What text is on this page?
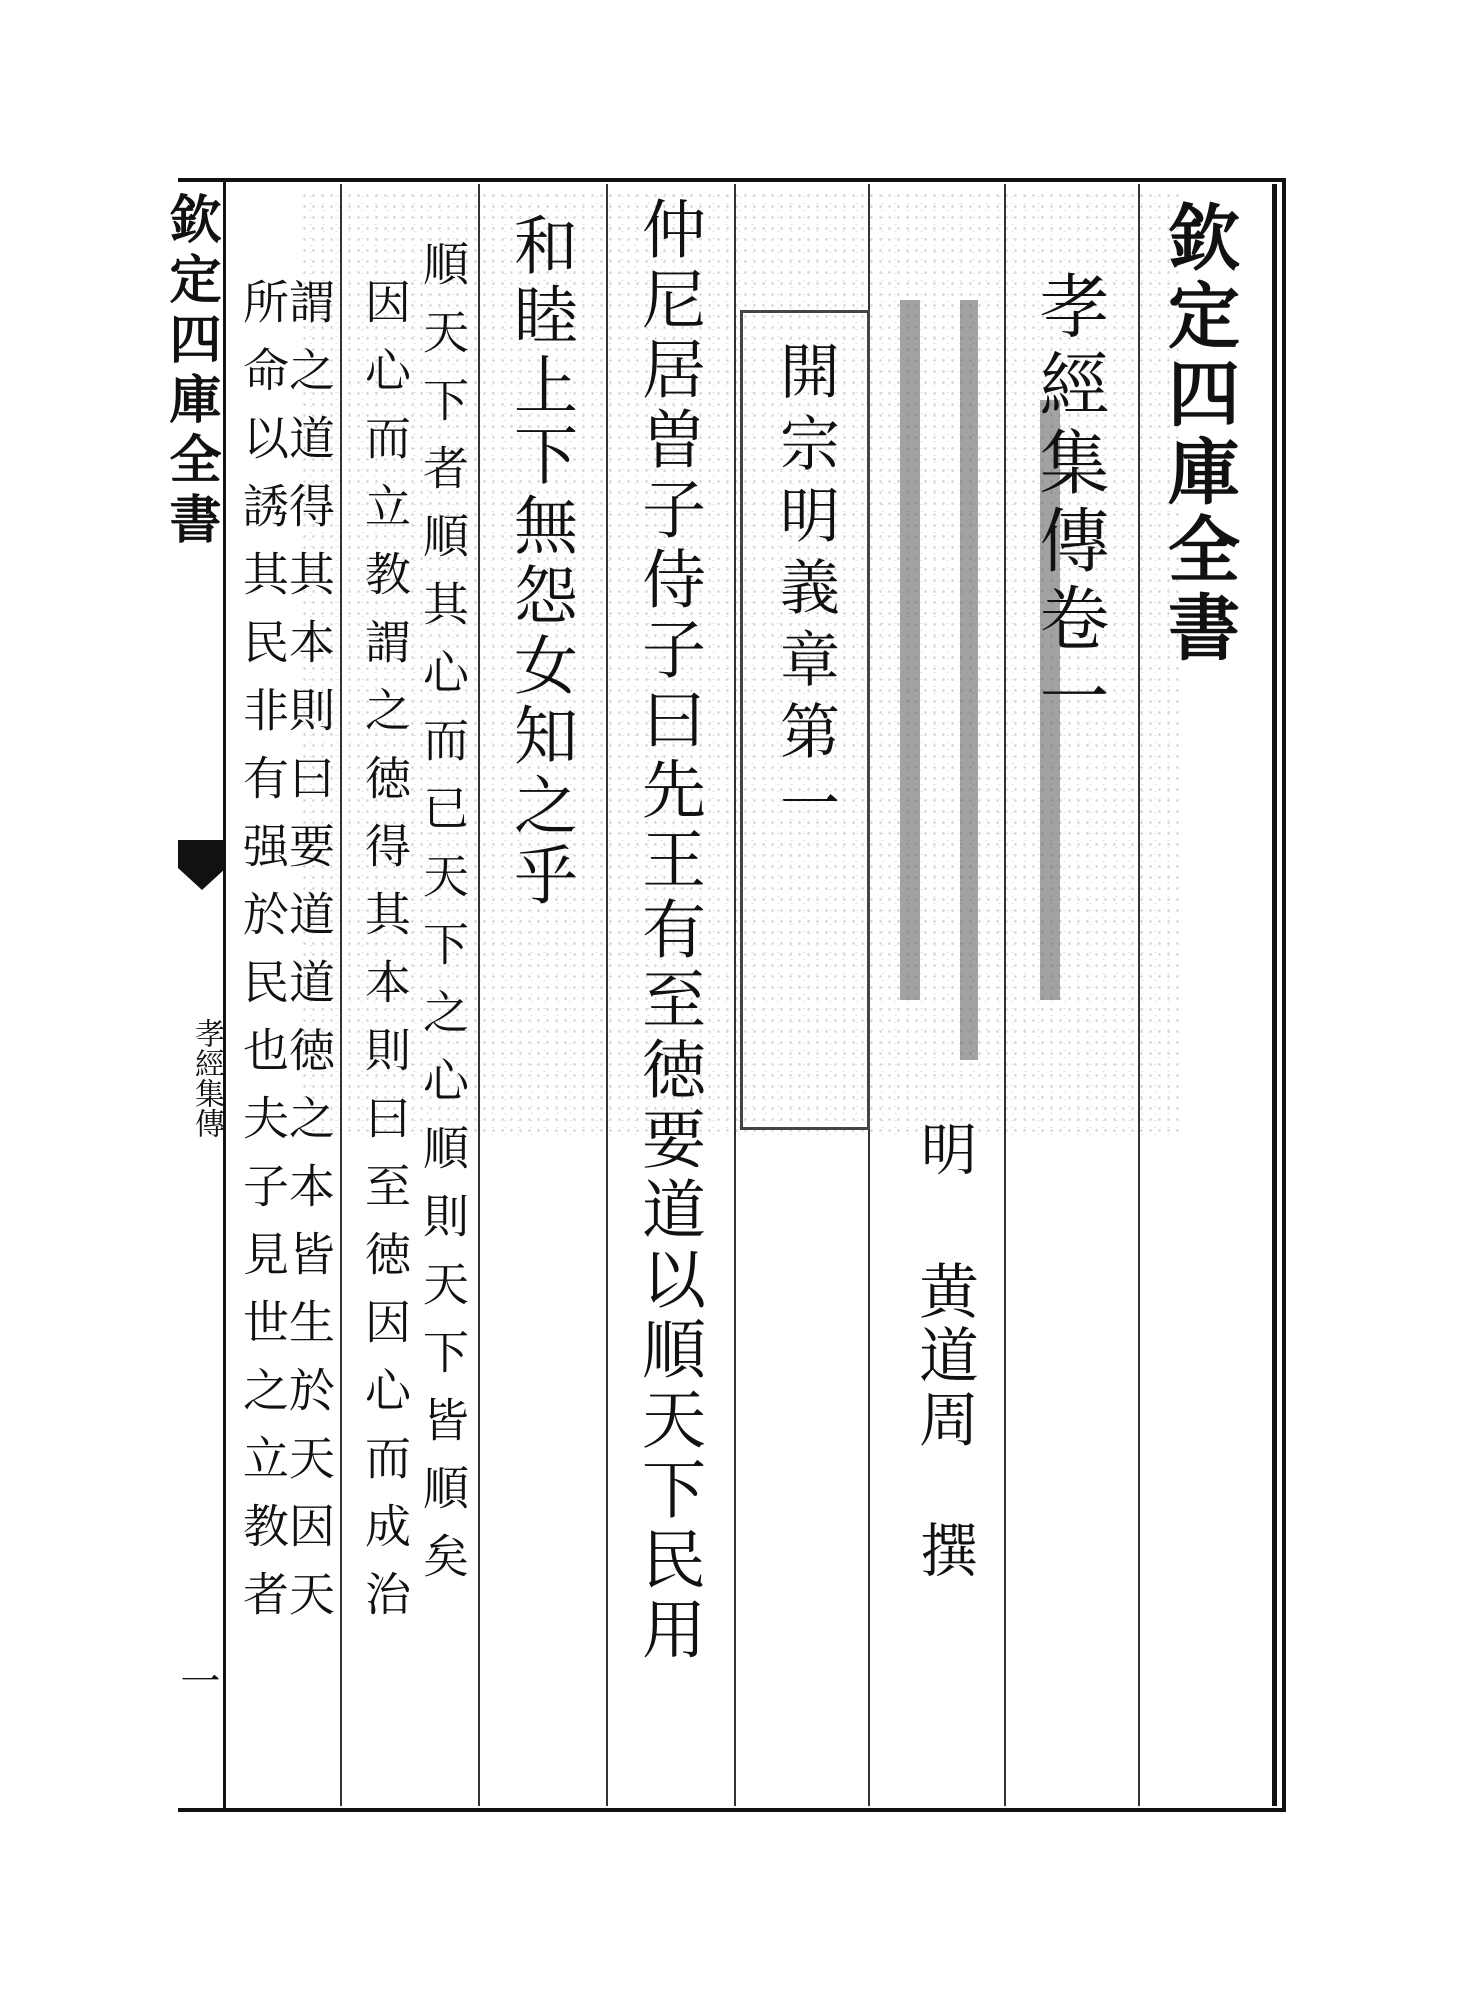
欽定四庫全書
孝經集傳
一
欽定四庫全書
孝經集傳卷一
明
黄道周
撰
開宗明義章第一
仲尼居曽子侍子曰先王有至徳要道以順天下民用
和睦上下無怨女知之乎
順天下者順其心而已天下之心順則天下皆順矣
因心而立教謂之徳得其本則曰至徳因心而成治
謂之道得其本則曰要道道徳之本皆生於天因天
所命以誘其民非有强於民也夫子見世之立教者
